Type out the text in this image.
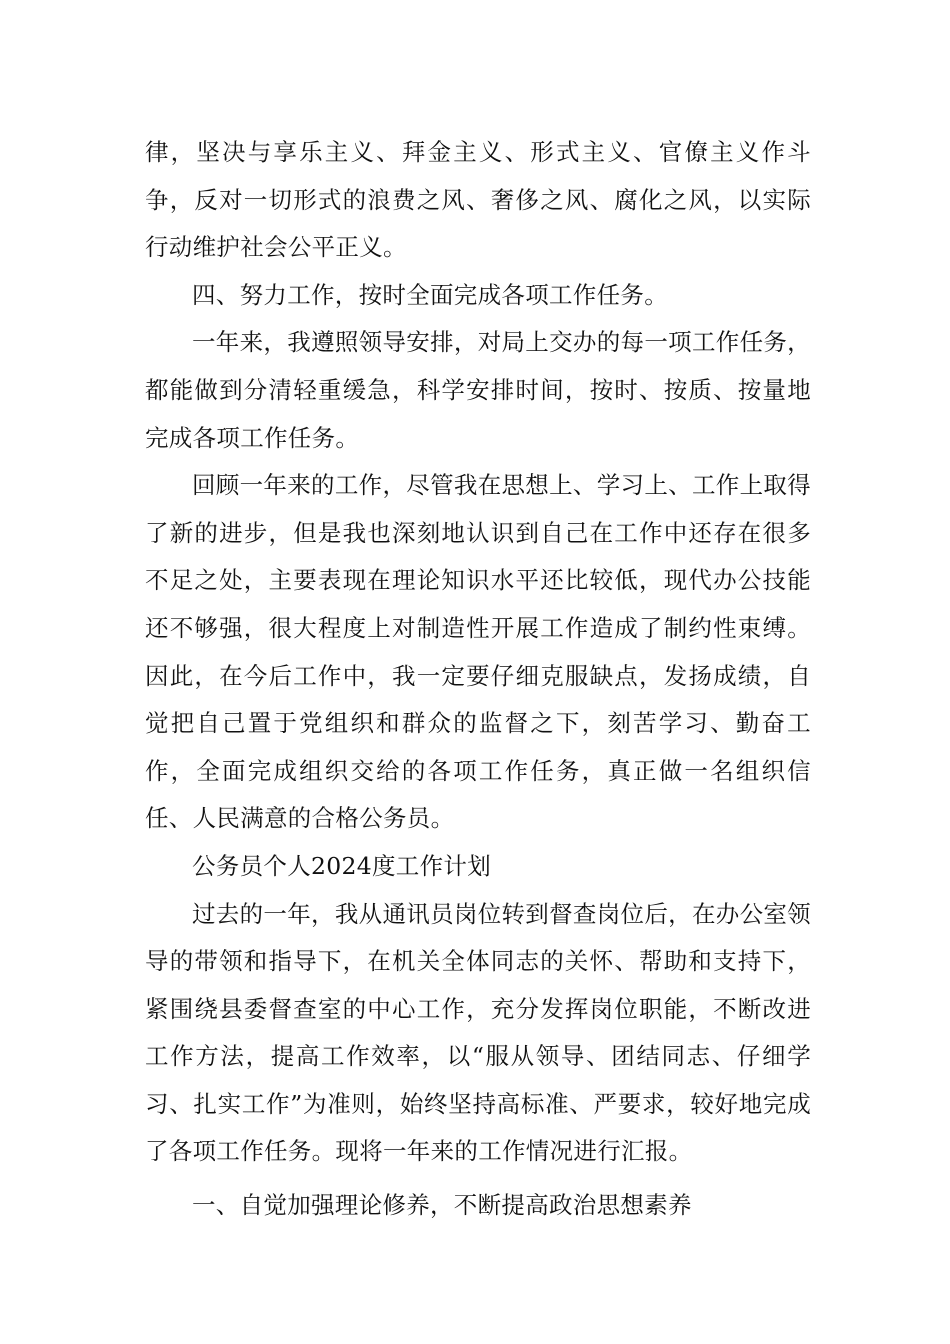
律，坚决与享乐主义、拜金主义、形式主义、官僚主义作斗争，反对一切形式的浪费之风、奢侈之风、腐化之风，以实际行动维护社会公平正义。

四、努力工作，按时全面完成各项工作任务。

一年来，我遵照领导安排，对局上交办的每一项工作任务，都能做到分清轻重缓急，科学安排时间，按时、按质、按量地完成各项工作任务。

回顾一年来的工作，尽管我在思想上、学习上、工作上取得了新的进步，但是我也深刻地认识到自己在工作中还存在很多不足之处，主要表现在理论知识水平还比较低，现代办公技能还不够强，很大程度上对制造性开展工作造成了制约性束缚。因此，在今后工作中，我一定要仔细克服缺点，发扬成绩，自觉把自己置于党组织和群众的监督之下，刻苦学习、勤奋工作，全面完成组织交给的各项工作任务，真正做一名组织信任、人民满意的合格公务员。

公务员个人2024度工作计划

过去的一年，我从通讯员岗位转到督查岗位后，在办公室领导的带领和指导下，在机关全体同志的关怀、帮助和支持下，紧围绕县委督查室的中心工作，充分发挥岗位职能，不断改进工作方法，提高工作效率，以“服从领导、团结同志、仔细学习、扎实工作”为准则，始终坚持高标准、严要求，较好地完成了各项工作任务。现将一年来的工作情况进行汇报。

一、自觉加强理论修养，不断提高政治思想素养
